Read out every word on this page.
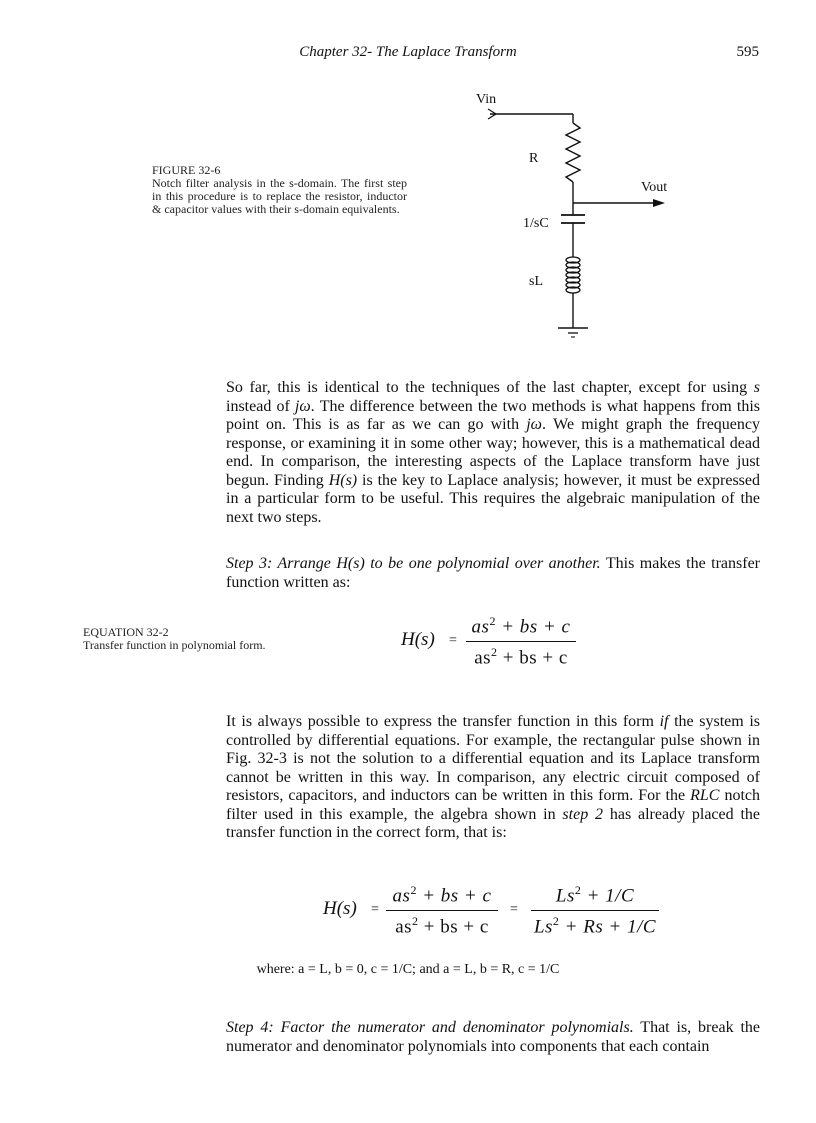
Chapter 32- The Laplace Transform	595
FIGURE 32-6
Notch filter analysis in the s-domain. The first step in this procedure is to replace the resistor, inductor & capacitor values with their s-domain equivalents.
Vin
R
Vout
1/sC
sL
So far, this is identical to the techniques of the last chapter, except for using s instead of jω. The difference between the two methods is what happens from this point on. This is as far as we can go with jω. We might graph the frequency response, or examining it in some other way; however, this is a mathematical dead end. In comparison, the interesting aspects of the Laplace transform have just begun. Finding H(s) is the key to Laplace analysis; however, it must be expressed in a particular form to be useful. This requires the algebraic manipulation of the next two steps.
Step 3: Arrange H(s) to be one polynomial over another. This makes the transfer function written as:
EQUATION 32-2
Transfer function in polynomial form.	H(s) =
$as^2$ + bs + c
$as^2$ + bs + c
It is always possible to express the transfer function in this form if the system is controlled by differential equations. For example, the rectangular pulse shown in Fig. 32-3 is not the solution to a differential equation and its Laplace transform cannot be written in this way. In comparison, any electric circuit composed of resistors, capacitors, and inductors can be written in this form. For the RLC notch filter used in this example, the algebra shown in step 2 has already placed the transfer function in the correct form, that is:
H(s) =
$as^2$ + bs + c
$as^2$ + bs + c
=
$Ls^2 + 1/C$
$Ls^2 + Rs + 1/C$
where: a = L, b = 0, c = 1/C; and a = L, b = R, c = 1/C
Step 4: Factor the numerator and denominator polynomials. That is, break the numerator and denominator polynomials into components that each contain
